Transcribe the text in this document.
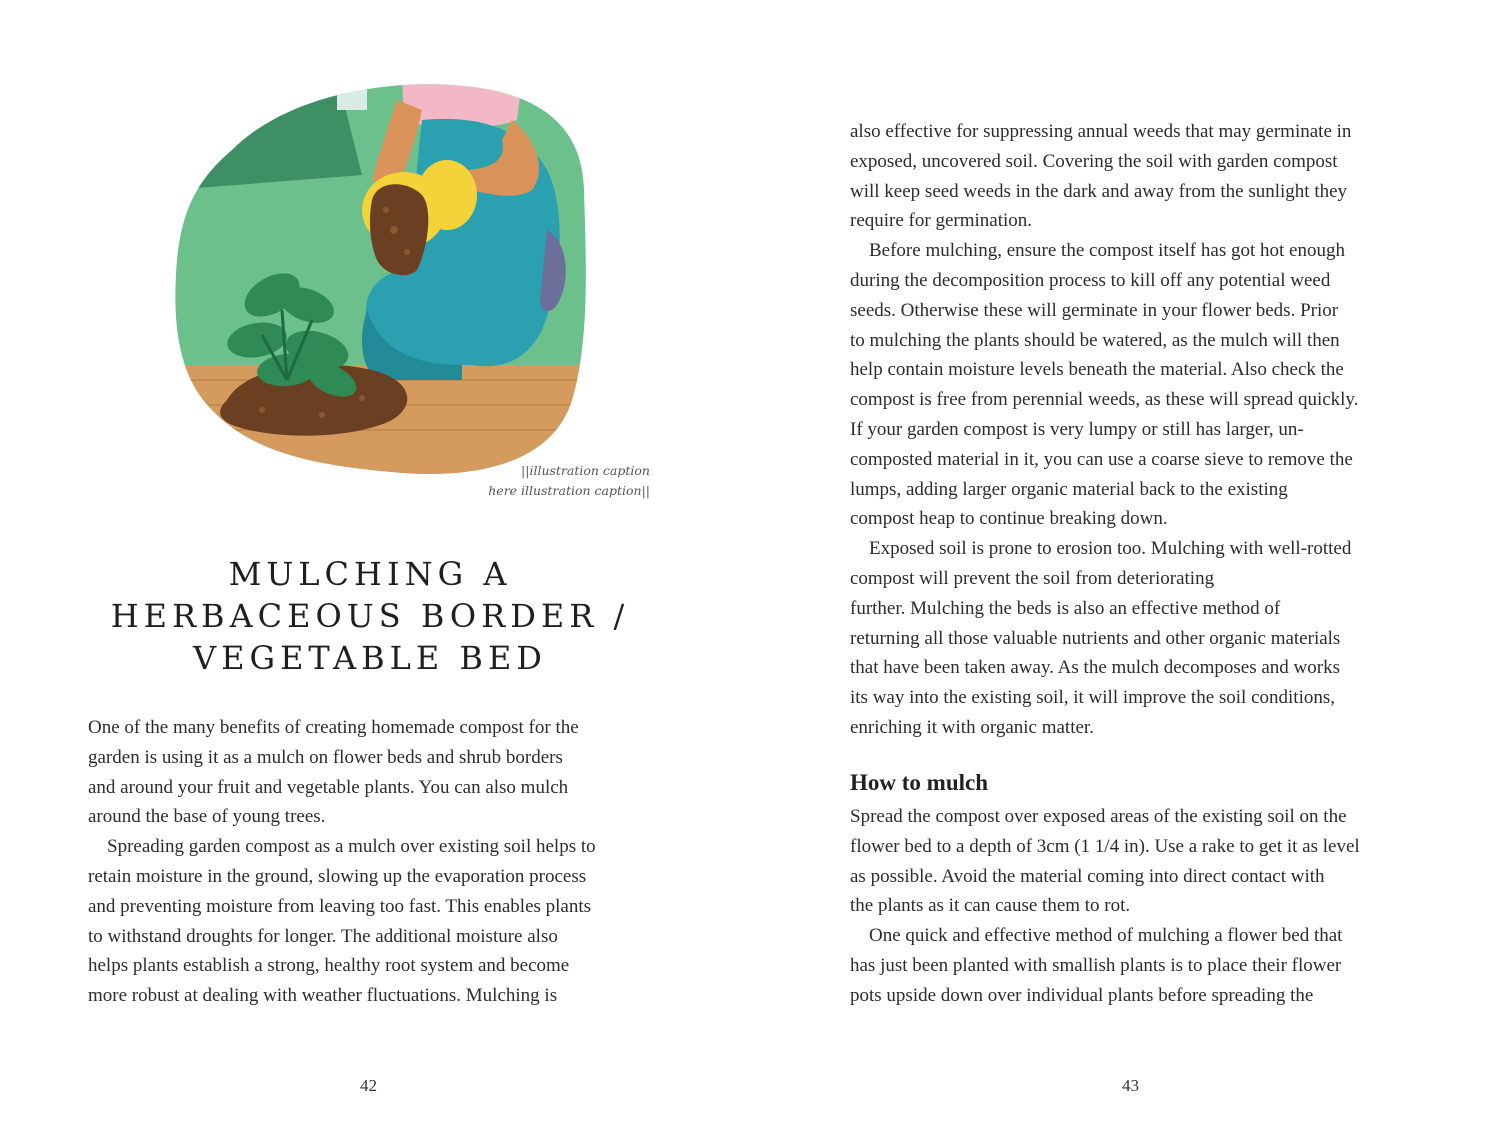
||illustration caption
here illustration caption||
MULCHING A
HERBACEOUS BORDER /
VEGETABLE BED
One of the many benefits of creating homemade compost for the
garden is using it as a mulch on flower beds and shrub borders
and around your fruit and vegetable plants. You can also mulch
around the base of young trees.
Spreading garden compost as a mulch over existing soil helps to
retain moisture in the ground, slowing up the evaporation process
and preventing moisture from leaving too fast. This enables plants
to withstand droughts for longer. The additional moisture also
helps plants establish a strong, healthy root system and become
more robust at dealing with weather fluctuations. Mulching is
42
also effective for suppressing annual weeds that may germinate in
exposed, uncovered soil. Covering the soil with garden compost
will keep seed weeds in the dark and away from the sunlight they
require for germination.
Before mulching, ensure the compost itself has got hot enough
during the decomposition process to kill off any potential weed
seeds. Otherwise these will germinate in your flower beds. Prior
to mulching the plants should be watered, as the mulch will then
help contain moisture levels beneath the material. Also check the
compost is free from perennial weeds, as these will spread quickly.
If your garden compost is very lumpy or still has larger, un-
composted material in it, you can use a coarse sieve to remove the
lumps, adding larger organic material back to the existing
compost heap to continue breaking down.
Exposed soil is prone to erosion too. Mulching with well-rotted
compost will prevent the soil from deteriorating
further. Mulching the beds is also an effective method of
returning all those valuable nutrients and other organic materials
that have been taken away. As the mulch decomposes and works
its way into the existing soil, it will improve the soil conditions,
enriching it with organic matter.
How to mulch
Spread the compost over exposed areas of the existing soil on the
flower bed to a depth of 3cm (1 1/4 in). Use a rake to get it as level
as possible. Avoid the material coming into direct contact with
the plants as it can cause them to rot.
One quick and effective method of mulching a flower bed that
has just been planted with smallish plants is to place their flower
pots upside down over individual plants before spreading the
43
